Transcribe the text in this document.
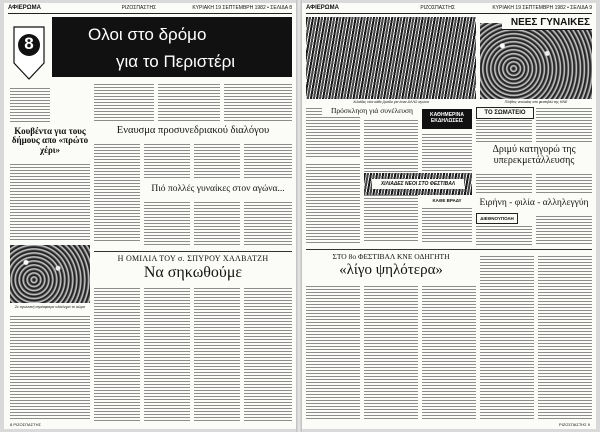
ΑΦΙΕΡΩΜΑ	ΡΙΖΟΣΠΑΣΤΗΣ	ΚΥΡΙΑΚΗ 19 ΣΕΠΤΕΜΒΡΗ 1982 • ΣΕΛΙΔΑ 8
8	Ολοι στο δρόμο
για το Περιστέρι
Κουβέντα για τους δήμους απο «πρώτο χέρι»
Σε αγωνιστή ατμόσφαιρα ολόκληρο το σώμα
Εναυσμα προσυνεδριακού διαλόγου
Πιό πολλές γυναίκες στον αγώνα...
Η ΟΜΙΛΙΑ ΤΟΥ σ. ΣΠΥΡΟΥ ΧΑΛΒΑΤΖΗ
Να σηκωθούμε
8 ΡΙΖΟΣΠΑΣΤΗΣ
ΑΦΙΕΡΩΜΑ	ΡΙΖΟΣΠΑΣΤΗΣ	ΚΥΡΙΑΚΗ 19 ΣΕΠΤΕΜΒΡΗ 1982 • ΣΕΛΙΔΑ 9
Χιλιάδες νέοι κάθε βράδυ για έναν ΑΛΛΟ αγώνα
ΝΕΕΣ ΓΥΝΑΙΚΕΣ
Πλήθος νεολαίας στο φεστιβάλ της ΚΝΕ
Πρόσκληση γιά συνέλευση	ΚΑΘΗΜΕΡΙΝΑ ΕΚΔΗΛΩΣΕΙΣ
ΧΙΛΙΑΔΕΣ ΝΕΟΙ ΣΤΟ ΦΕΣΤΙΒΑΛ
ΚΑΘΕ ΒΡΑΔΥ
ΤΟ ΣΩΜΑΤΕΙΟ
Δριμύ κατηγορώ της υπερεκμετάλλευσης
Ειρήνη - φιλία - αλληλεγγύη
ΔΙΕΘΝΟΥΠΟΛΗ
ΣΤΟ 8ο ΦΕΣΤΙΒΑΛ ΚΝΕ ΟΔΗΓΗΤΗ
«λίγο ψηλότερα»
ΡΙΖΟΣΠΑΣΤΗΣ 9
